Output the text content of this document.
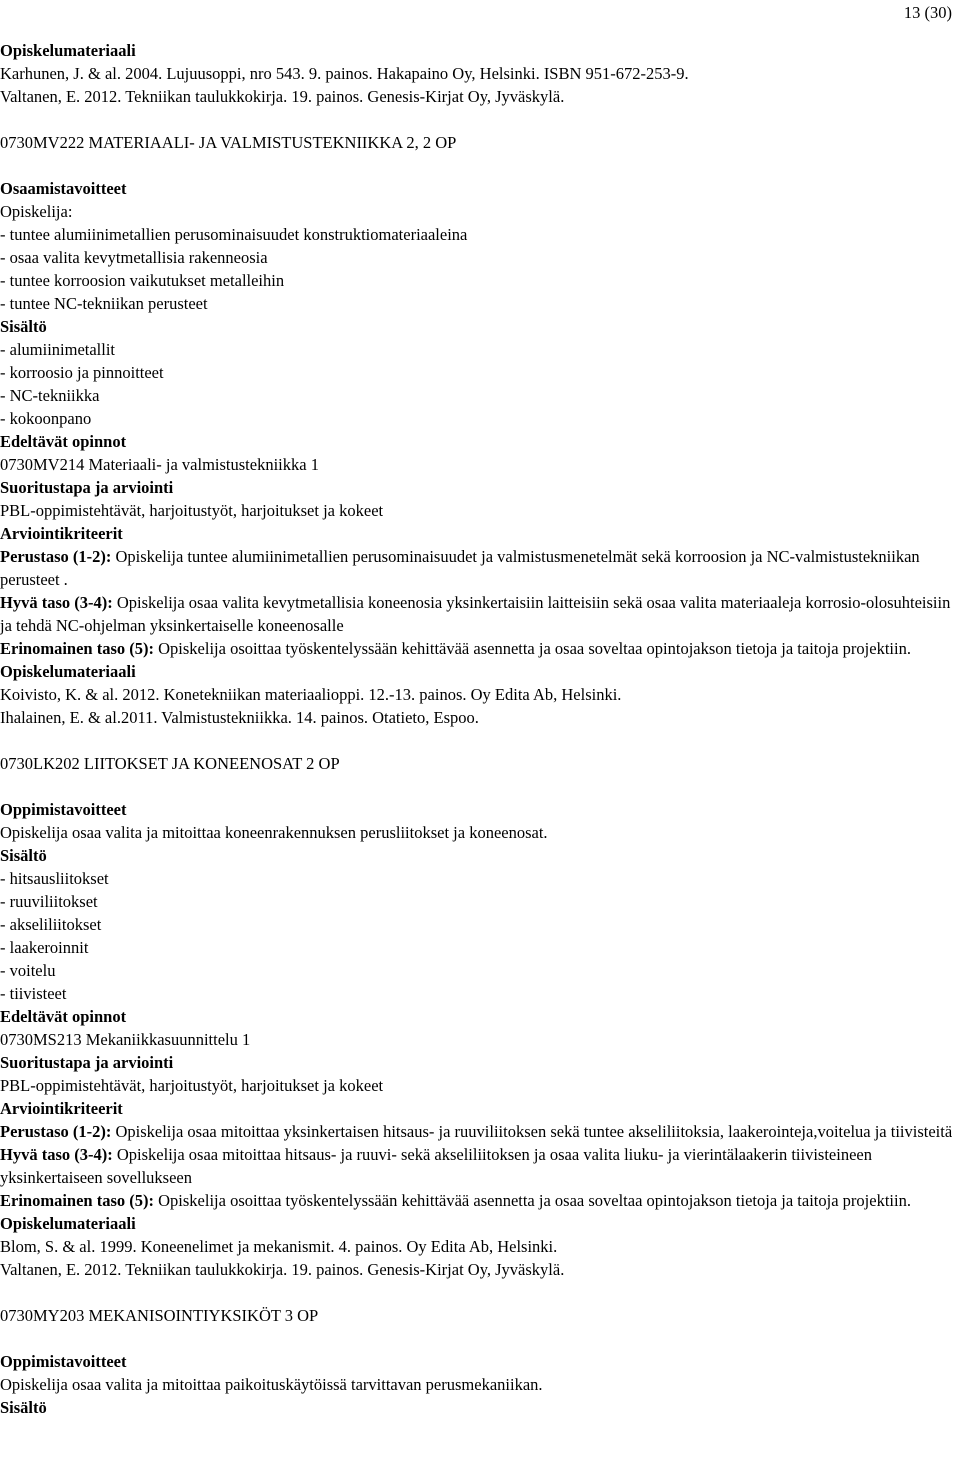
13 (30)
Opiskelumateriaali
Karhunen, J. & al. 2004. Lujuusoppi, nro 543. 9. painos. Hakapaino Oy, Helsinki. ISBN 951-672-253-9.
Valtanen, E. 2012. Tekniikan taulukkokirja. 19. painos. Genesis-Kirjat Oy, Jyväskylä.
0730MV222 MATERIAALI- JA VALMISTUSTEKNIIKKA 2, 2 OP
Osaamistavoitteet
Opiskelija:
- tuntee alumiinimetallien perusominaisuudet konstruktiomateriaaleina
- osaa valita kevytmetallisia rakenneosia
- tuntee korroosion vaikutukset metalleihin
- tuntee NC-tekniikan perusteet
Sisältö
- alumiinimetallit
- korroosio ja pinnoitteet
- NC-tekniikka
- kokoonpano
Edeltävät opinnot
0730MV214 Materiaali- ja valmistustekniikka 1
Suoritustapa ja arviointi
PBL-oppimistehtävät, harjoitustyöt, harjoitukset ja kokeet
Arviointikriteerit
Perustaso (1-2): Opiskelija tuntee alumiinimetallien perusominaisuudet ja valmistusmenetelmät sekä korroosion ja NC-valmistustekniikan perusteet .
Hyvä taso (3-4): Opiskelija osaa valita kevytmetallisia koneenosia yksinkertaisiin laitteisiin sekä osaa valita materiaaleja korrosio-olosuhteisiin ja tehdä NC-ohjelman yksinkertaiselle koneenosalle
Erinomainen taso (5): Opiskelija osoittaa työskentelyssään kehittävää asennetta ja osaa soveltaa opintojakson tietoja ja taitoja projektiin.
Opiskelumateriaali
Koivisto, K. & al. 2012. Konetekniikan materiaalioppi. 12.-13. painos. Oy Edita Ab, Helsinki.
Ihalainen, E. & al.2011. Valmistustekniikka. 14. painos. Otatieto, Espoo.
0730LK202 LIITOKSET JA KONEENOSAT 2 OP
Oppimistavoitteet
Opiskelija osaa valita ja mitoittaa koneenrakennuksen perusliitokset ja koneenosat.
Sisältö
- hitsausliitokset
- ruuviliitokset
- akseliliitokset
- laakeroinnit
- voitelu
- tiivisteet
Edeltävät opinnot
0730MS213 Mekaniikkasuunnittelu 1
Suoritustapa ja arviointi
PBL-oppimistehtävät, harjoitustyöt, harjoitukset ja kokeet
Arviointikriteerit
Perustaso (1-2): Opiskelija osaa mitoittaa yksinkertaisen hitsaus- ja ruuviliitoksen sekä tuntee akseliliitoksia, laakerointeja,voitelua ja tiivisteitä
Hyvä taso (3-4): Opiskelija osaa mitoittaa hitsaus- ja ruuvi- sekä akseliliitoksen ja osaa valita liuku- ja vierintälaakerin tiivisteineen yksinkertaiseen sovellukseen
Erinomainen taso (5): Opiskelija osoittaa työskentelyssään kehittävää asennetta ja osaa soveltaa opintojakson tietoja ja taitoja projektiin.
Opiskelumateriaali
Blom, S. & al. 1999. Koneenelimet ja mekanismit. 4. painos. Oy Edita Ab, Helsinki.
Valtanen, E. 2012. Tekniikan taulukkokirja. 19. painos. Genesis-Kirjat Oy, Jyväskylä.
0730MY203 MEKANISOINTIYKSIKÖT 3 OP
Oppimistavoitteet
Opiskelija osaa valita ja mitoittaa paikoituskäytöissä tarvittavan perusmekaniikan.
Sisältö
